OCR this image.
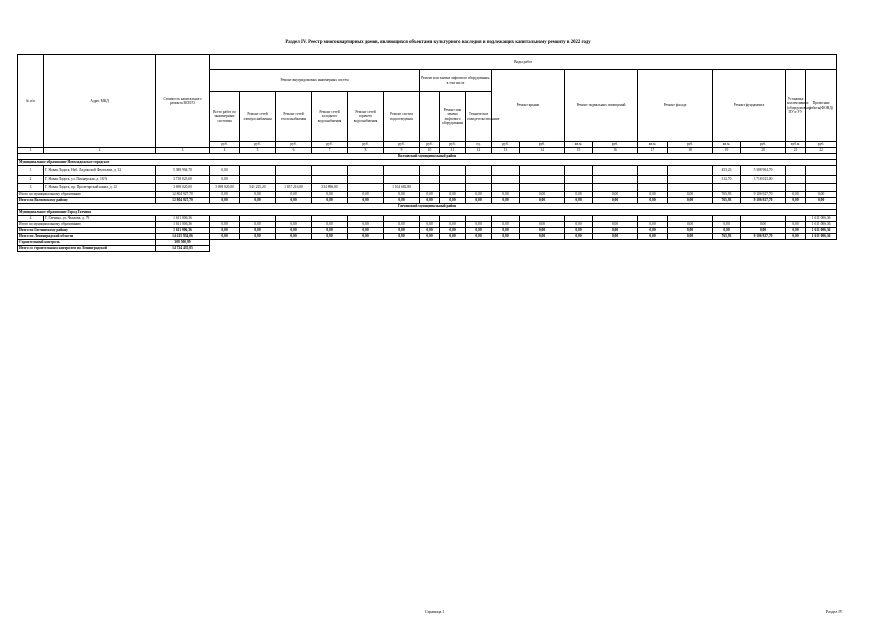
Раздел IV. Реестр многоквартирных домов, являющихся объектами культурного наследия и подлежащих капитальному ремонту в 2022 году
№ п\п	Адрес МКД	Стоимость капитального ремонта ВСЕГО	Виды работ																			
			Ремонт внутридомовых инженерных систем						Ремонт или замена лифтового оборудования, в том числе			Ремонт крыши		Ремонт подвальных помещений		Ремонт фасада		Ремонт фундамента		Установка коллективных (общедомовых) ПУ и УУ	Проектные работы(ФОНД)	
			Всего работ по инженерным системам	Ремонт сетей электроснабжения	Ремонт сетей теплоснабжения	Ремонт сетей холодного водоснабжения	Ремонт сетей горячего водоснабжения	Ремонт систем водоотведения		Ремонт или замена лифтового оборудования	Техническое освидетельствование											
			руб.	руб.	руб.	руб.	руб.	руб.	руб.	руб.	ед.	руб.	руб.	кв.м.	руб.	кв.м.	руб.	кв.м.	руб.	куб.м.	руб.	
1	2	3	4	5	6	7	8	9	10	11	12	13	14	15	16	17	18	19	20	21	22	
Волховский муниципальный район																						
Муниципальное образование Новоладожское городское																						
1	Г. Новая Ладога, Наб. Ладожской Флотилии, д. 32	5 388 904,70	0,00															453,23	5 388 904,70			
2	Г. Новая Ладога, ул. Пионерская, д. 18/А	3 718 023,00	0,00															312,70	3 718 023,00			
3	Г. Новая Ладога, пр. Пролетарский канал, д. 12	3 698 020,00	3 698 020,00	541 225,20	1 657 216,00	334 896,00		1 164 682,80														
Итого по муниципальному образованию		12 804 927,70	0,00	0,00	0,00	0,00	0,00	0,00	0,00	0,00	0,00	0,00	0,00	0,00	0,00	0,00	0,00	765,93	9 106 927,70	0,00	0,00	
Итого по Волховскому району		12 804 927,70	0,00	0,00	0,00	0,00	0,00	0,00	0,00	0,00	0,00	0,00	0,00	0,00	0,00	0,00	0,00	765,93	9 106 927,70	0,00	0,00	
Гатчинский муниципальный район																						
Муниципальное образование Город Гатчина																						
4	Г. Гатчина, ул. Чкалова, д. 79	1 611 006,36																			1 611 006,36	
Итого по муниципальному образованию		1 611 006,36	0,00	0,00	0,00	0,00	0,00	0,00	0,00	0,00	0,00	0,00	0,00	0,00	0,00	0,00	0,00	0,00	0,00	0,00	1 611 006,36	
Итого по Гатчинскому району		1 611 006,36	0,00	0,00	0,00	0,00	0,00	0,00	0,00	0,00	0,00	0,00	0,00	0,00	0,00	0,00	0,00	0,00	0,00	0,00	1 611 006,36	
Итого по Ленинградской области		14 415 934,06	0,00	0,00	0,00	0,00	0,00	0,00	0,00	0,00	0,00	0,00	0,00	0,00	0,00	0,00	0,00	765,93	9 106 927,70	0,00	1 611 006,36	
Строительный контроль		308 500,99																				
Итого со строительным контролем по Ленинградской		14 724 435,05																				
Страница 1	Раздел IV
